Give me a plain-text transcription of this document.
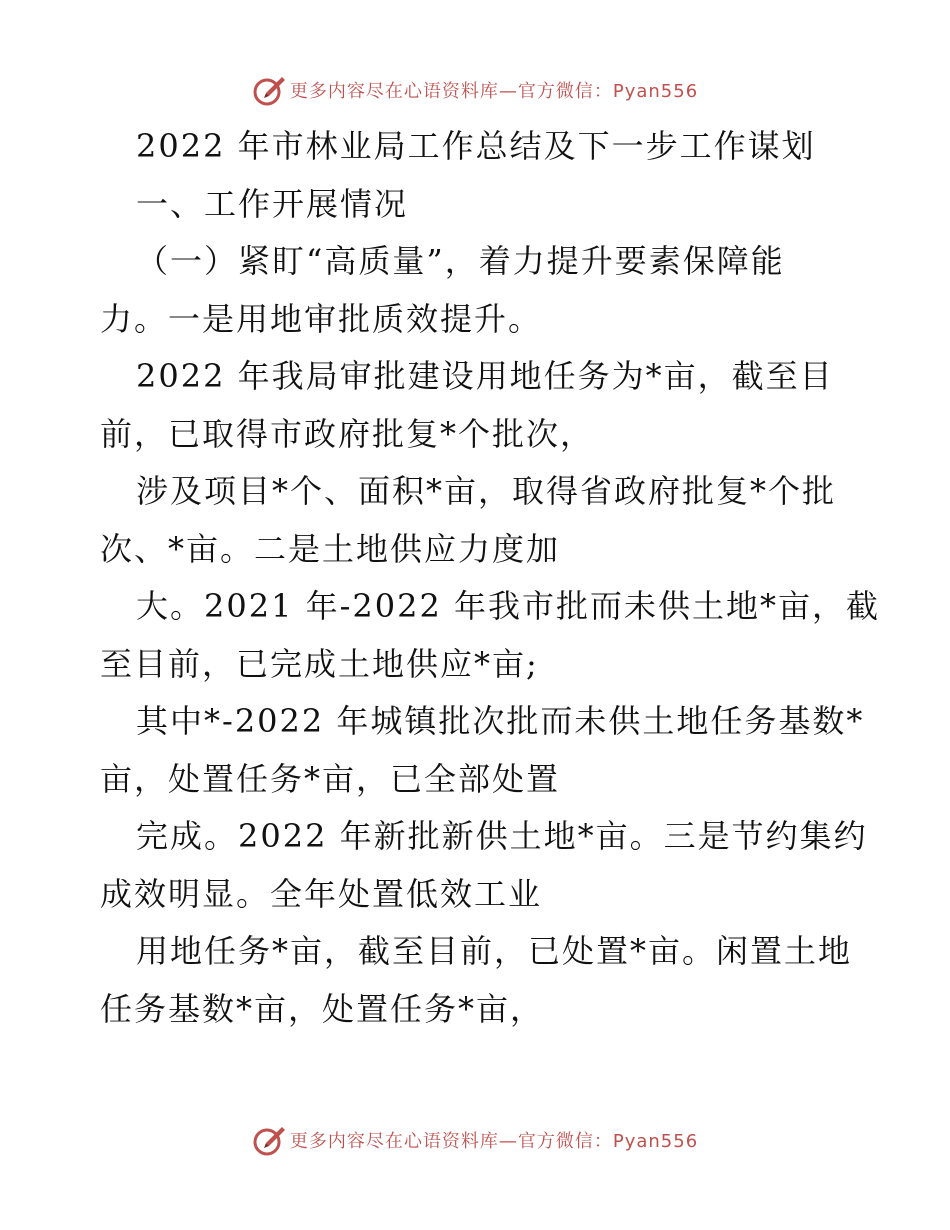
更多内容尽在心语资料库—官方微信：Pyan556
2022 年市林业局工作总结及下一步工作谋划
一、工作开展情况
（一）紧盯“高质量”，着力提升要素保障能
力。一是用地审批质效提升。
2022 年我局审批建设用地任务为*亩，截至目
前，已取得市政府批复*个批次，
涉及项目*个、面积*亩，取得省政府批复*个批
次、*亩。二是土地供应力度加
大。2021 年-2022 年我市批而未供土地*亩，截
至目前，已完成土地供应*亩;
其中*-2022 年城镇批次批而未供土地任务基数*
亩，处置任务*亩，已全部处置
完成。2022 年新批新供土地*亩。三是节约集约
成效明显。全年处置低效工业
用地任务*亩，截至目前，已处置*亩。闲置土地
任务基数*亩，处置任务*亩，
更多内容尽在心语资料库—官方微信：Pyan556
